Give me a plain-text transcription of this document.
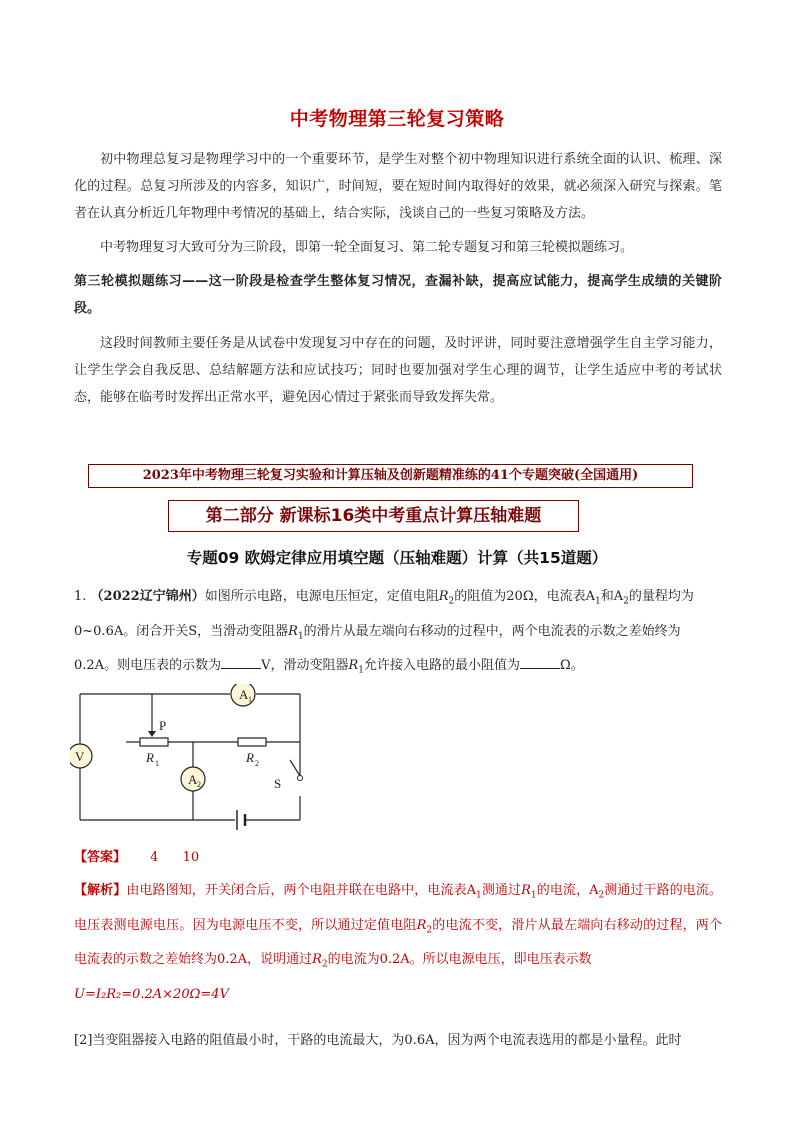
中考物理第三轮复习策略
初中物理总复习是物理学习中的一个重要环节，是学生对整个初中物理知识进行系统全面的认识、梳理、深化的过程。总复习所涉及的内容多，知识广，时间短，要在短时间内取得好的效果，就必须深入研究与探索。笔者在认真分析近几年物理中考情况的基础上，结合实际，浅谈自己的一些复习策略及方法。
中考物理复习大致可分为三阶段，即第一轮全面复习、第二轮专题复习和第三轮模拟题练习。
第三轮模拟题练习——这一阶段是检查学生整体复习情况，查漏补缺，提高应试能力，提高学生成绩的关键阶段。
这段时间教师主要任务是从试卷中发现复习中存在的问题，及时评讲，同时要注意增强学生自主学习能力，让学生学会自我反思、总结解题方法和应试技巧；同时也要加强对学生心理的调节，让学生适应中考的考试状态，能够在临考时发挥出正常水平，避免因心情过于紧张而导致发挥失常。
2023年中考物理三轮复习实验和计算压轴及创新题精准练的41个专题突破(全国通用)
第二部分 新课标16类中考重点计算压轴难题
专题09 欧姆定律应用填空题（压轴难题）计算（共15道题）
1. （2022辽宁锦州）如图所示电路，电源电压恒定，定值电阻$R_2$的阻值为20Ω，电流表$A_1$和$A_2$的量程均为0~0.6A。闭合开关S，当滑动变阻器$R_1$的滑片从最左端向右移动的过程中，两个电流表的示数之差始终为0.2A。则电压表的示数为	V，滑动变阻器$R_1$允许接入电路的最小阻值为	Ω。
A 1
V
A 2
P
R 1	R 2
S
【答案】 4 10
【解析】由电路图知，开关闭合后，两个电阻并联在电路中，电流表$A_1$测通过$R_1$的电流，$A_2$测通过干路的电流。电压表测电源电压。因为电源电压不变，所以通过定值电阻$R_2$的电流不变，滑片从最左端向右移动的过程，两个电流表的示数之差始终为0.2A，说明通过$R_2$的电流为0.2A。所以电源电压，即电压表示数
U=I₂R₂=0.2A×20Ω=4V
[2]当变阻器接入电路的阻值最小时，干路的电流最大，为0.6A，因为两个电流表选用的都是小量程。此时
